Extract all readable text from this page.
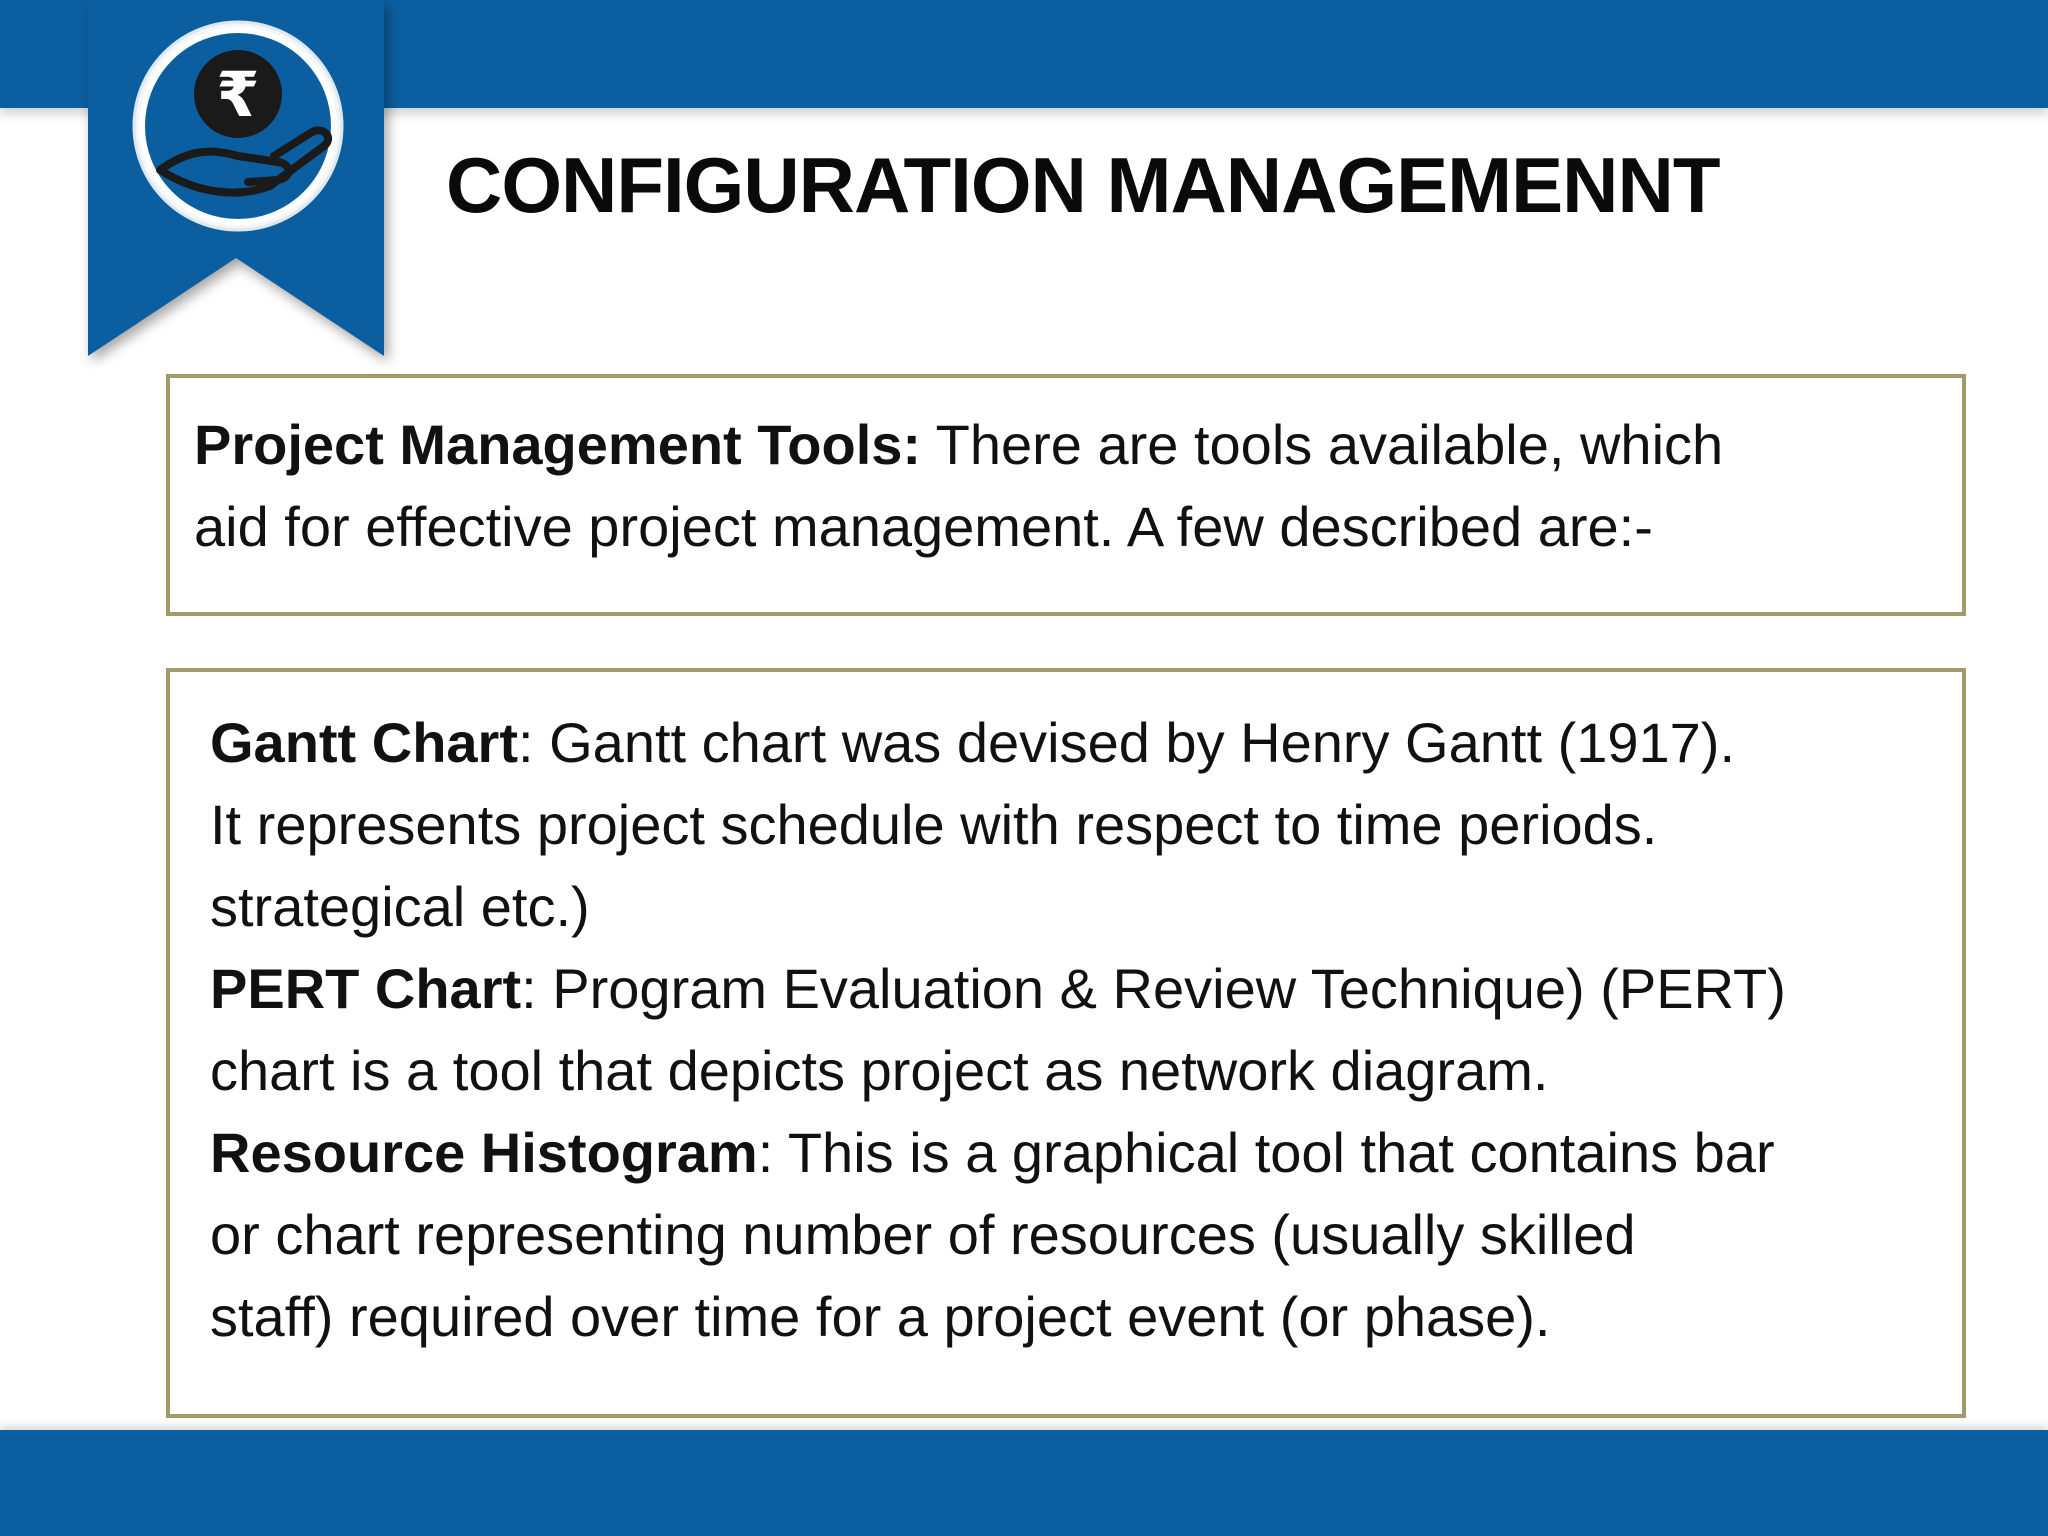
₹
CONFIGURATION MANAGEMENNT
Project Management Tools: There are tools available, which
aid for effective project management. A few described are:-
Gantt Chart: Gantt chart was devised by Henry Gantt (1917).
It represents project schedule with respect to time periods.
strategical etc.)
PERT Chart: Program Evaluation & Review Technique) (PERT)
chart is a tool that depicts project as network diagram.
Resource Histogram: This is a graphical tool that contains bar
or chart representing number of resources (usually skilled
staff) required over time for a project event (or phase).
